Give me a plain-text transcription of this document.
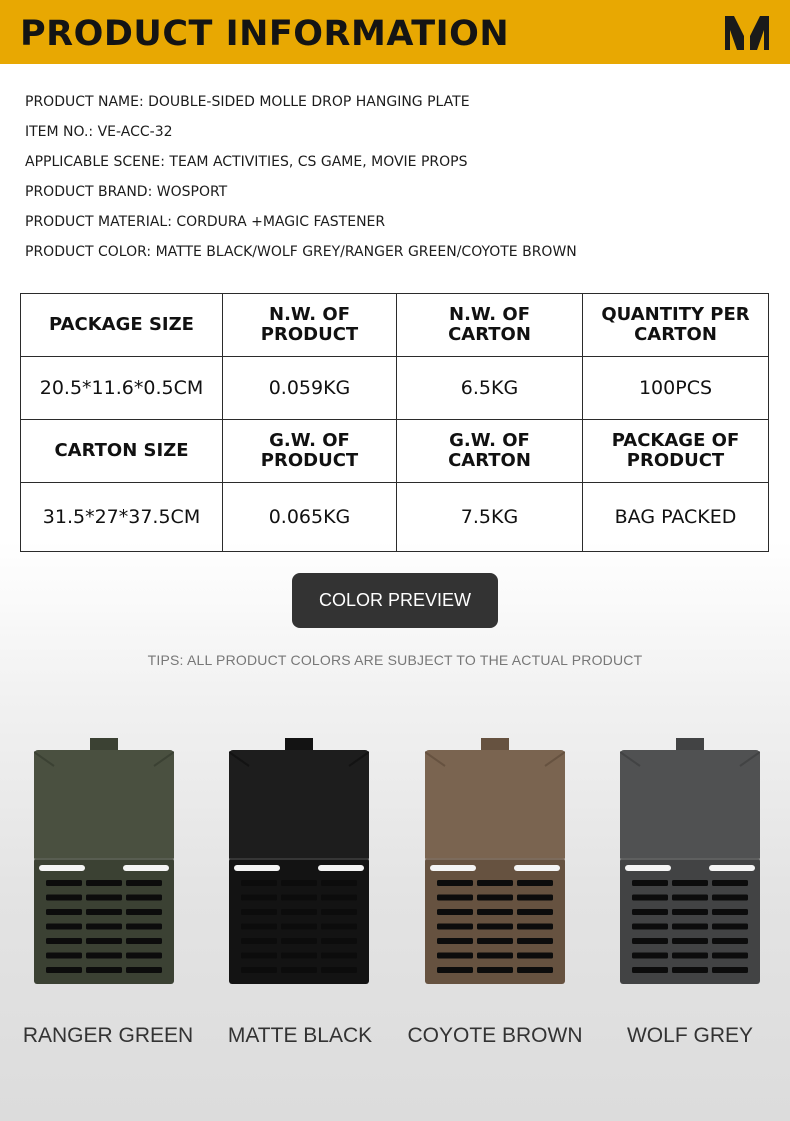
PRODUCT INFORMATION
PRODUCT NAME: DOUBLE-SIDED MOLLE DROP HANGING PLATE
ITEM NO.: VE-ACC-32
APPLICABLE SCENE: TEAM ACTIVITIES, CS GAME, MOVIE PROPS
PRODUCT BRAND: WOSPORT
PRODUCT MATERIAL: CORDURA +MAGIC FASTENER
PRODUCT COLOR: MATTE BLACK/WOLF GREY/RANGER GREEN/COYOTE BROWN
PACKAGE SIZE	N.W. OF PRODUCT	N.W. OF CARTON	QUANTITY PER CARTON
20.5*11.6*0.5CM	0.059KG	6.5KG	100PCS
CARTON SIZE	G.W. OF PRODUCT	G.W. OF CARTON	PACKAGE OF PRODUCT
31.5*27*37.5CM	0.065KG	7.5KG	BAG PACKED
COLOR PREVIEW
TIPS: ALL PRODUCT COLORS ARE SUBJECT TO THE ACTUAL PRODUCT
RANGER GREEN	MATTE BLACK	COYOTE BROWN	WOLF GREY
